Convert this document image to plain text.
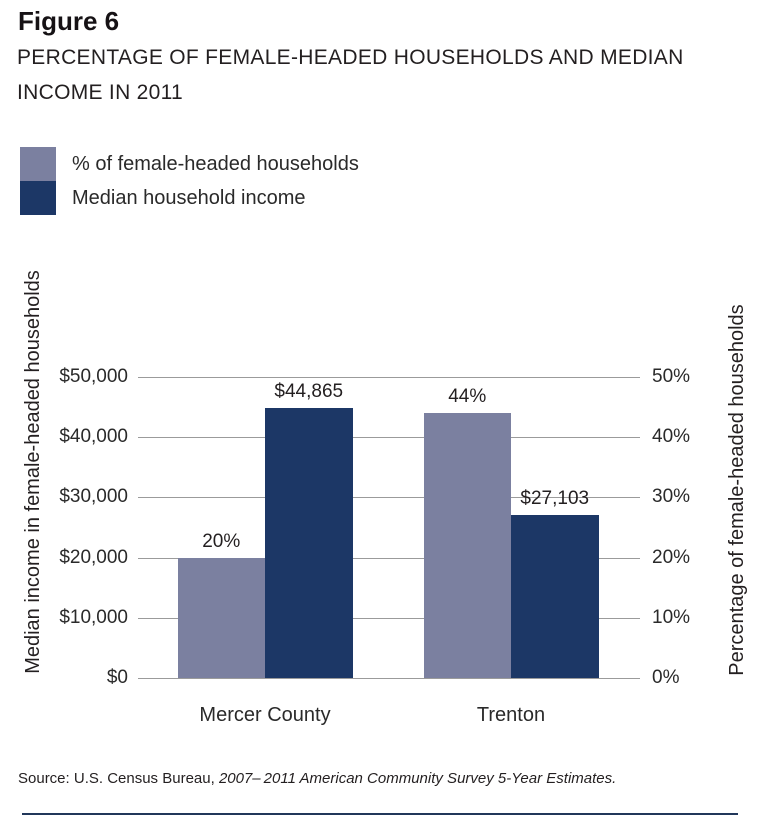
Figure 6
PERCENTAGE OF FEMALE-HEADED HOUSEHOLDS AND MEDIAN
INCOME IN 2011
% of female-headed households
Median household income
Median income in female-headed households	Percentage of female-headed households
20%
$44,865
Mercer County
44%
$27,103
Trenton
$50,000	50%
$40,000	40%
$30,000	30%
$20,000	20%
$10,000	10%
$0	0%
Source: U.S. Census Bureau, 2007– 2011 American Community Survey 5-Year Estimates.
